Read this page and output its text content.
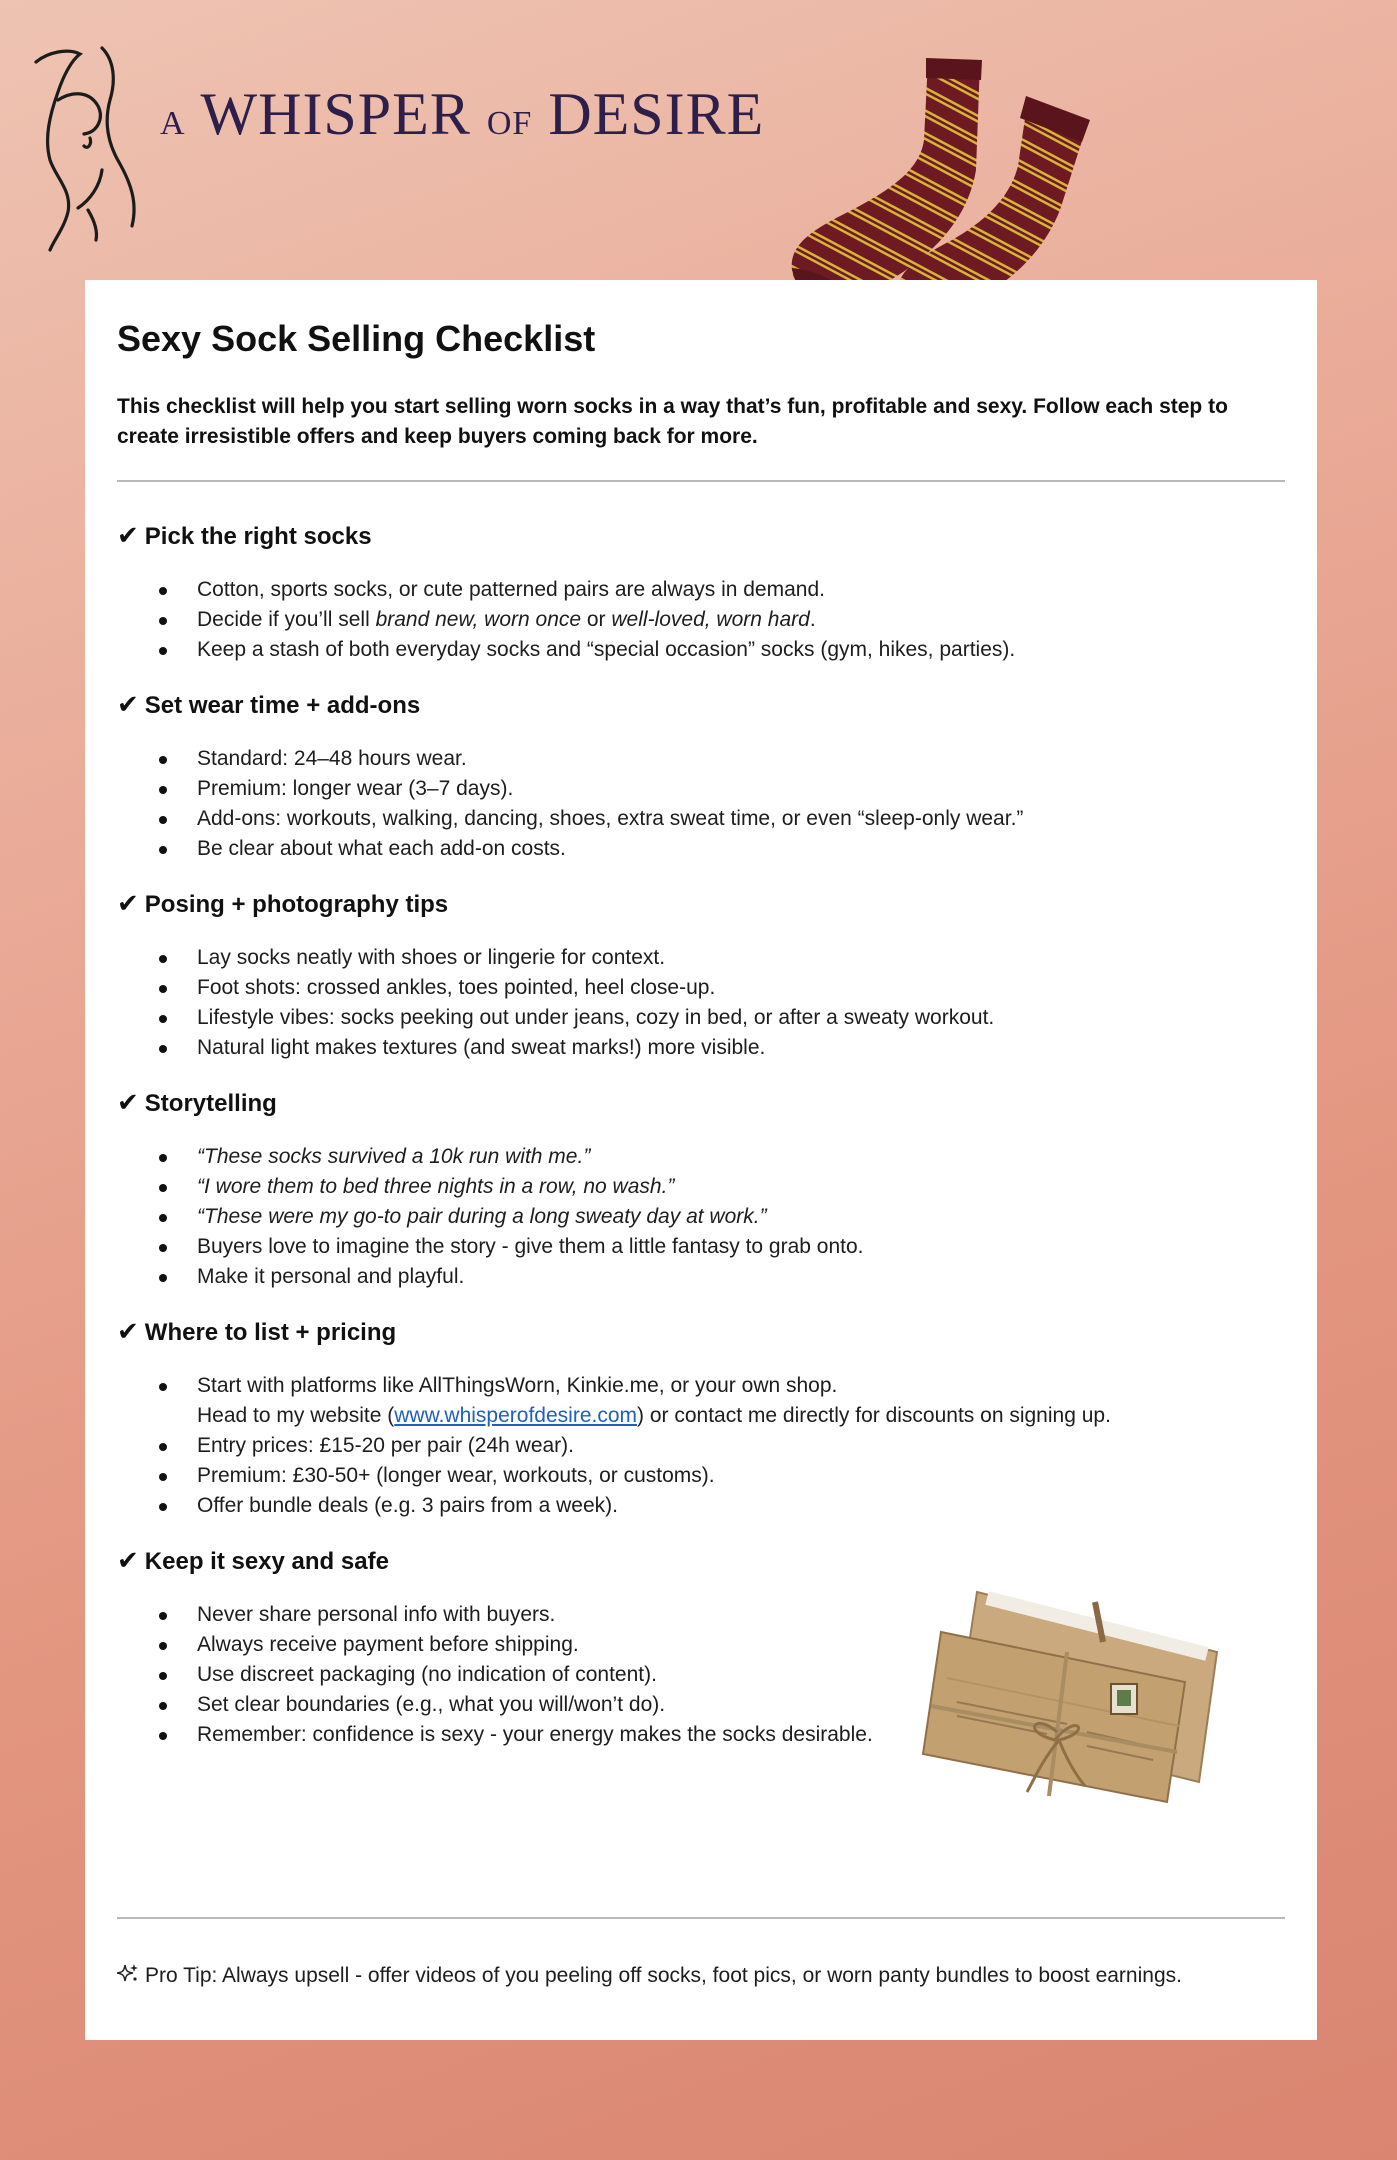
A WHISPER OF DESIRE
Sexy Sock Selling Checklist

This checklist will help you start selling worn socks in a way that’s fun, profitable and sexy. Follow each step to create irresistible offers and keep buyers coming back for more.

✔ Pick the right socks
Cotton, sports socks, or cute patterned pairs are always in demand.
Decide if you’ll sell brand new, worn once or well-loved, worn hard.
Keep a stash of both everyday socks and “special occasion” socks (gym, hikes, parties).
✔ Set wear time + add-ons
Standard: 24–48 hours wear.
Premium: longer wear (3–7 days).
Add-ons: workouts, walking, dancing, shoes, extra sweat time, or even “sleep-only wear.”
Be clear about what each add-on costs.
✔ Posing + photography tips
Lay socks neatly with shoes or lingerie for context.
Foot shots: crossed ankles, toes pointed, heel close-up.
Lifestyle vibes: socks peeking out under jeans, cozy in bed, or after a sweaty workout.
Natural light makes textures (and sweat marks!) more visible.
✔ Storytelling
“These socks survived a 10k run with me.”
“I wore them to bed three nights in a row, no wash.”
“These were my go-to pair during a long sweaty day at work.”
Buyers love to imagine the story - give them a little fantasy to grab onto.
Make it personal and playful.
✔ Where to list + pricing
Start with platforms like AllThingsWorn, Kinkie.me, or your own shop.
Head to my website (www.whisperofdesire.com) or contact me directly for discounts on signing up.
Entry prices: £15-20 per pair (24h wear).
Premium: £30-50+ (longer wear, workouts, or customs).
Offer bundle deals (e.g. 3 pairs from a week).
✔ Keep it sexy and safe
Never share personal info with buyers.
Always receive payment before shipping.
Use discreet packaging (no indication of content).
Set clear boundaries (e.g., what you will/won’t do).
Remember: confidence is sexy - your energy makes the socks desirable.
Pro Tip: Always upsell - offer videos of you peeling off socks, foot pics, or worn panty bundles to boost earnings.
